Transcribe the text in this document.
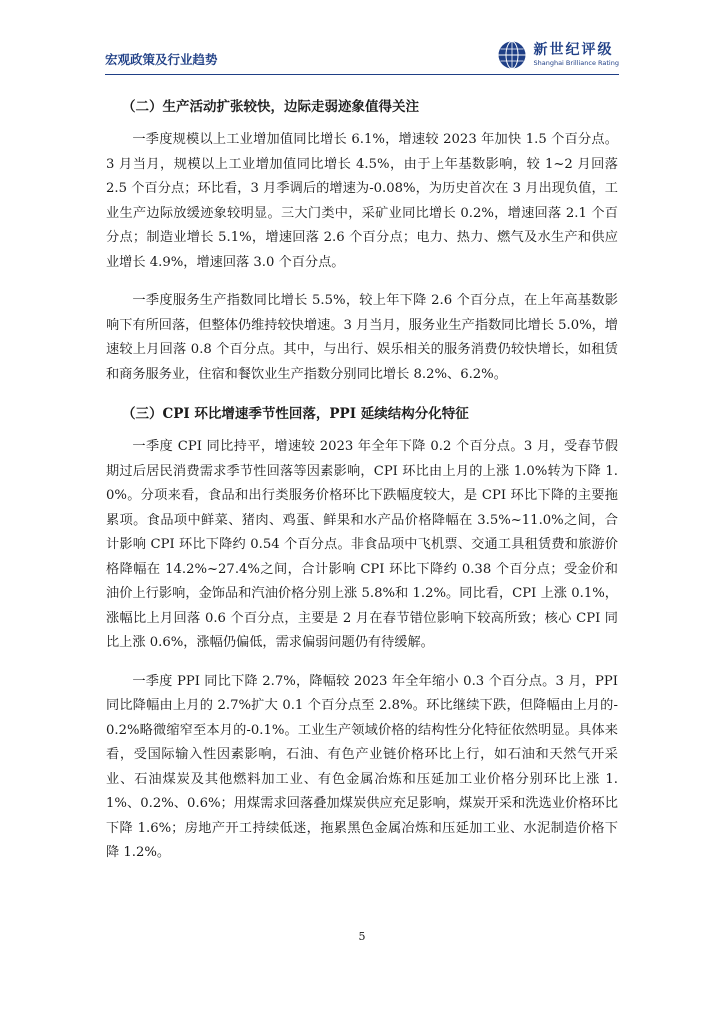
宏观政策及行业趋势
新世纪评级
Shanghai Brilliance Rating
（二）生产活动扩张较快，边际走弱迹象值得关注

一季度规模以上工业增加值同比增长 6.1%，增速较 2023 年加快 1.5 个百分点。3 月当月，规模以上工业增加值同比增长 4.5%，由于上年基数影响，较 1~2 月回落 2.5 个百分点；环比看，3 月季调后的增速为-0.08%，为历史首次在 3 月出现负值，工业生产边际放缓迹象较明显。三大门类中，采矿业同比增长 0.2%，增速回落 2.1 个百分点；制造业增长 5.1%，增速回落 2.6 个百分点；电力、热力、燃气及水生产和供应业增长 4.9%，增速回落 3.0 个百分点。

一季度服务生产指数同比增长 5.5%，较上年下降 2.6 个百分点，在上年高基数影响下有所回落，但整体仍维持较快增速。3 月当月，服务业生产指数同比增长 5.0%，增速较上月回落 0.8 个百分点。其中，与出行、娱乐相关的服务消费仍较快增长，如租赁和商务服务业，住宿和餐饮业生产指数分别同比增长 8.2%、6.2%。

（三）CPI 环比增速季节性回落，PPI 延续结构分化特征

一季度 CPI 同比持平，增速较 2023 年全年下降 0.2 个百分点。3 月，受春节假期过后居民消费需求季节性回落等因素影响，CPI 环比由上月的上涨 1.0%转为下降 1.0%。分项来看，食品和出行类服务价格环比下跌幅度较大，是 CPI 环比下降的主要拖累项。食品项中鲜菜、猪肉、鸡蛋、鲜果和水产品价格降幅在 3.5%~11.0%之间，合计影响 CPI 环比下降约 0.54 个百分点。非食品项中飞机票、交通工具租赁费和旅游价格降幅在 14.2%~27.4%之间，合计影响 CPI 环比下降约 0.38 个百分点；受金价和油价上行影响，金饰品和汽油价格分别上涨 5.8%和 1.2%。同比看，CPI 上涨 0.1%，涨幅比上月回落 0.6 个百分点，主要是 2 月在春节错位影响下较高所致；核心 CPI 同比上涨 0.6%，涨幅仍偏低，需求偏弱问题仍有待缓解。

一季度 PPI 同比下降 2.7%，降幅较 2023 年全年缩小 0.3 个百分点。3 月，PPI 同比降幅由上月的 2.7%扩大 0.1 个百分点至 2.8%。环比继续下跌，但降幅由上月的-0.2%略微缩窄至本月的-0.1%。工业生产领域价格的结构性分化特征依然明显。具体来看，受国际输入性因素影响，石油、有色产业链价格环比上行，如石油和天然气开采业、石油煤炭及其他燃料加工业、有色金属冶炼和压延加工业价格分别环比上涨 1.1%、0.2%、0.6%；用煤需求回落叠加煤炭供应充足影响，煤炭开采和洗选业价格环比下降 1.6%；房地产开工持续低迷，拖累黑色金属冶炼和压延加工业、水泥制造价格下降 1.2%。

5
